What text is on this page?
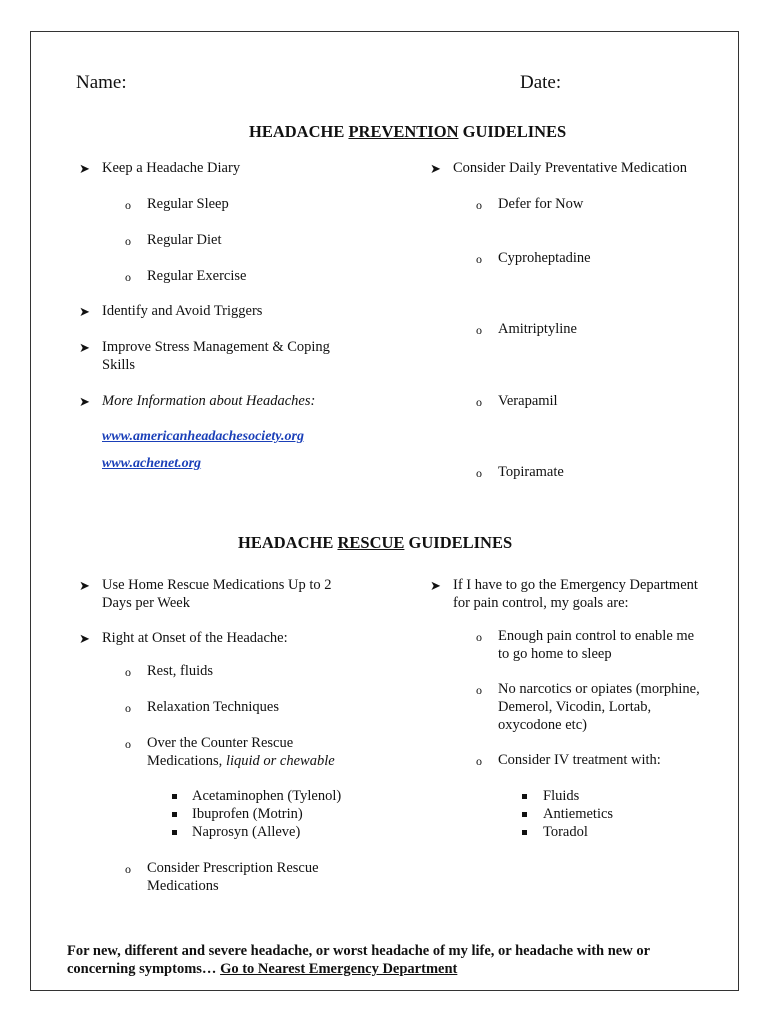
Name:	Date:
HEADACHE PREVENTION GUIDELINES
➤ Keep a Headache Diary
o Regular Sleep
o Regular Diet
o Regular Exercise
➤ Identify and Avoid Triggers
➤ Improve Stress Management & Coping
Skills
➤ More Information about Headaches:
www.americanheadachesociety.org
www.achenet.org
➤ Consider Daily Preventative Medication
o Defer for Now
o Cyproheptadine
o Amitriptyline
o Verapamil
o Topiramate
HEADACHE RESCUE GUIDELINES
➤ Use Home Rescue Medications Up to 2
Days per Week
➤ Right at Onset of the Headache:
o Rest, fluids
o Relaxation Techniques
o Over the Counter Rescue
Medications, liquid or chewable
Acetaminophen (Tylenol)
Ibuprofen (Motrin)
Naprosyn (Alleve)
o Consider Prescription Rescue
Medications
➤ If I have to go the Emergency Department
for pain control, my goals are:
o Enough pain control to enable me
to go home to sleep
o No narcotics or opiates (morphine,
Demerol, Vicodin, Lortab,
oxycodone etc)
o Consider IV treatment with:
Fluids
Antiemetics
Toradol
For new, different and severe headache, or worst headache of my life, or headache with new or
concerning symptoms… Go to Nearest Emergency Department
